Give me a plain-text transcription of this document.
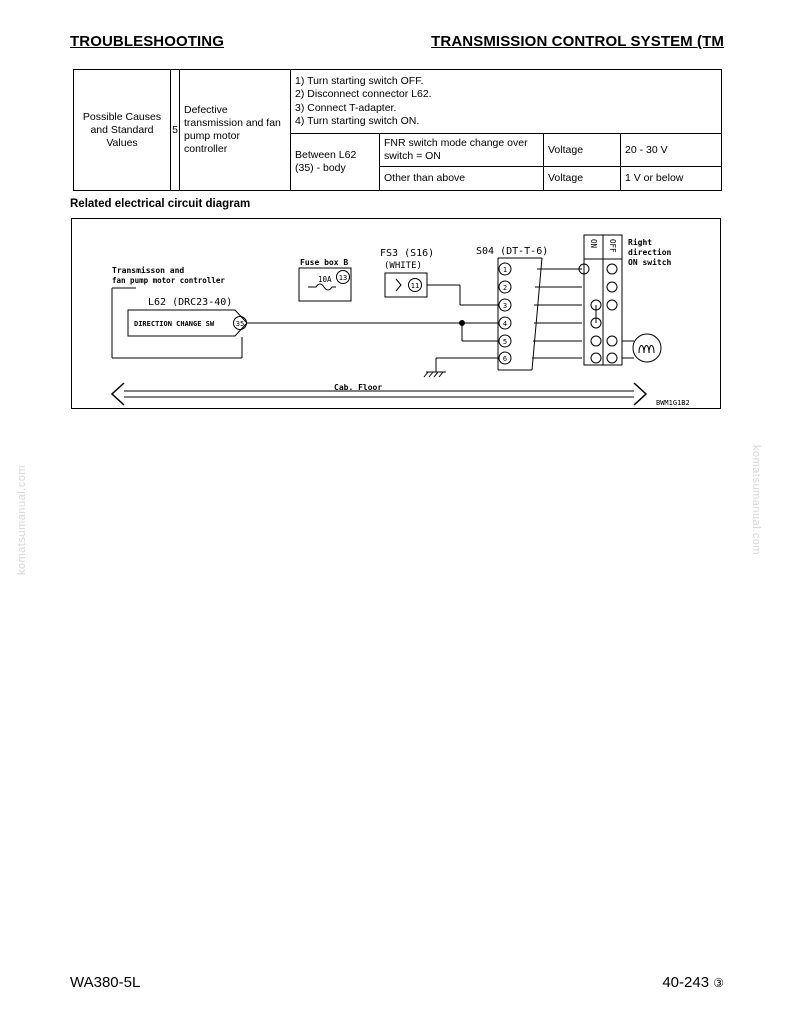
TROUBLESHOOTING	TRANSMISSION CONTROL SYSTEM (TM
Possible Causes and Standard Values	5	Defective transmission and fan pump motor controller	1) Turn starting switch OFF.
2) Disconnect connector L62.
3) Connect T-adapter.
4) Turn starting switch ON.			

			Between L62 (35) - body	FNR switch mode change over switch = ON	Voltage	20 - 30 V
				Other than above	Voltage	1 V or below
Related electrical circuit diagram
Transmisson and
fan pump motor controller
L62 (DRC23-40)
DIRECTION CHANGE SW	35
Fuse box B
10A 13
FS3 (S16)
(WHITE)
11
S04 (DT-T-6)
1
2
3
4
5
6
ON OFF Right
direction
ON switch
Cab. Floor
BWM1G1B2
komatsumanual.com	komatsumanual.com
WA380-5L	40-243 ③
